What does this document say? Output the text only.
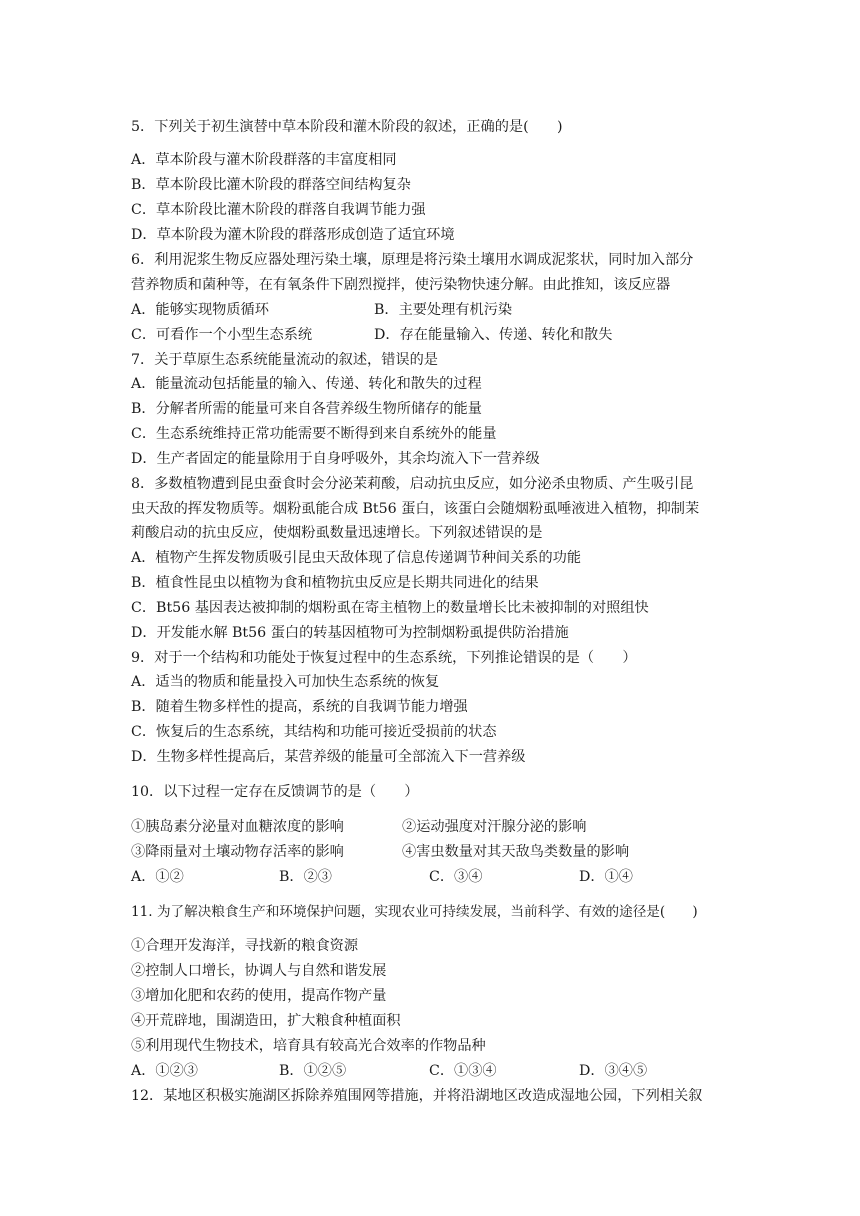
5．下列关于初生演替中草本阶段和灌木阶段的叙述，正确的是(　　)
A．草本阶段与灌木阶段群落的丰富度相同
B．草本阶段比灌木阶段的群落空间结构复杂
C．草本阶段比灌木阶段的群落自我调节能力强
D．草本阶段为灌木阶段的群落形成创造了适宜环境
6．利用泥浆生物反应器处理污染土壤，原理是将污染土壤用水调成泥浆状，同时加入部分
营养物质和菌种等，在有氧条件下剧烈搅拌，使污染物快速分解。由此推知，该反应器
A．能够实现物质循环	B．主要处理有机污染
C．可看作一个小型生态系统	D．存在能量输入、传递、转化和散失
7．关于草原生态系统能量流动的叙述，错误的是
A．能量流动包括能量的输入、传递、转化和散失的过程
B．分解者所需的能量可来自各营养级生物所储存的能量
C．生态系统维持正常功能需要不断得到来自系统外的能量
D．生产者固定的能量除用于自身呼吸外，其余均流入下一营养级
8．多数植物遭到昆虫蚕食时会分泌茉莉酸，启动抗虫反应，如分泌杀虫物质、产生吸引昆
虫天敌的挥发物质等。烟粉虱能合成 Bt56 蛋白，该蛋白会随烟粉虱唾液进入植物，抑制茉
莉酸启动的抗虫反应，使烟粉虱数量迅速增长。下列叙述错误的是
A．植物产生挥发物质吸引昆虫天敌体现了信息传递调节种间关系的功能
B．植食性昆虫以植物为食和植物抗虫反应是长期共同进化的结果
C．Bt56 基因表达被抑制的烟粉虱在寄主植物上的数量增长比未被抑制的对照组快
D．开发能水解 Bt56 蛋白的转基因植物可为控制烟粉虱提供防治措施
9．对于一个结构和功能处于恢复过程中的生态系统，下列推论错误的是（　　）
A．适当的物质和能量投入可加快生态系统的恢复
B．随着生物多样性的提高，系统的自我调节能力增强
C．恢复后的生态系统，其结构和功能可接近受损前的状态
D．生物多样性提高后，某营养级的能量可全部流入下一营养级
10．以下过程一定存在反馈调节的是（　　）
①胰岛素分泌量对血糖浓度的影响	②运动强度对汗腺分泌的影响
③降雨量对土壤动物存活率的影响	④害虫数量对其天敌鸟类数量的影响
A．①②	B．②③	C．③④	D．①④
11. 为了解决粮食生产和环境保护问题，实现农业可持续发展，当前科学、有效的途径是(　　)
①合理开发海洋，寻找新的粮食资源
②控制人口增长，协调人与自然和谐发展
③增加化肥和农药的使用，提高作物产量
④开荒辟地，围湖造田，扩大粮食种植面积
⑤利用现代生物技术，培育具有较高光合效率的作物品种
A．①②③	B．①②⑤	C．①③④	D．③④⑤
12．某地区积极实施湖区拆除养殖围网等措施，并将沿湖地区改造成湿地公园，下列相关叙
